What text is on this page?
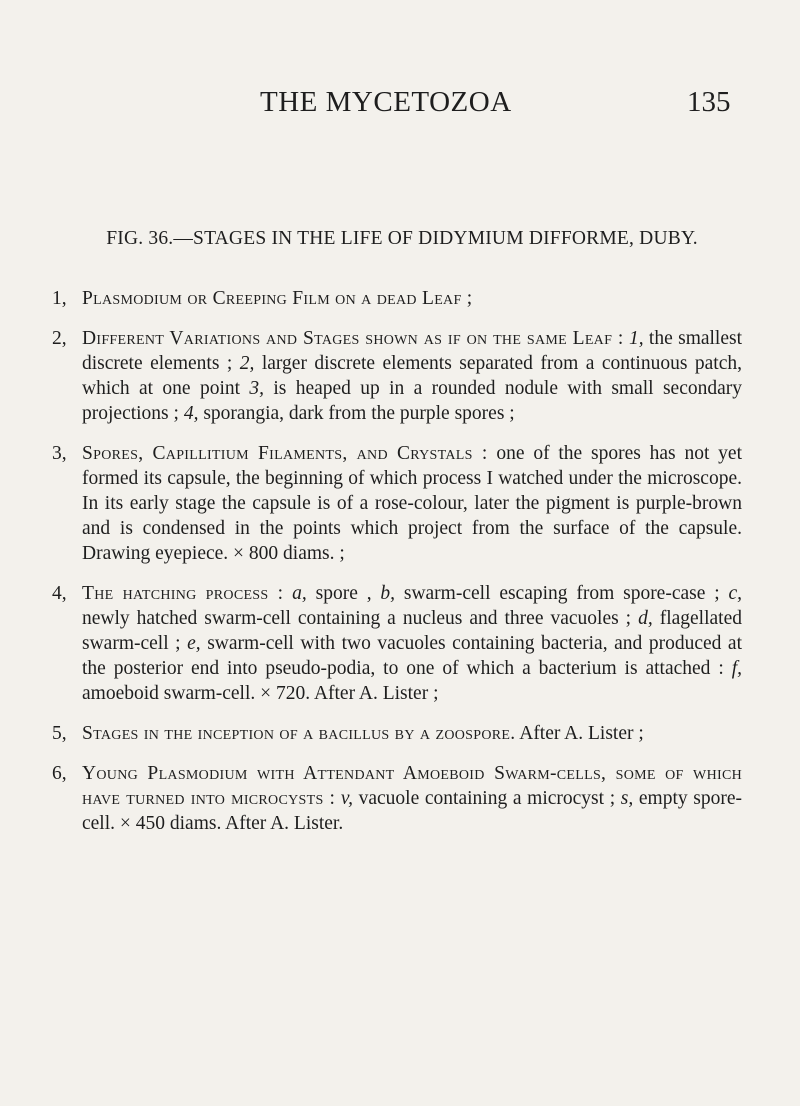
THE MYCETOZOA	135
FIG. 36.—STAGES IN THE LIFE OF DIDYMIUM DIFFORME, DUBY.
1, Plasmodium or Creeping Film on a dead Leaf ;
2, Different Variations and Stages shown as if on the same Leaf : 1, the smallest discrete elements ; 2, larger discrete elements separated from a continuous patch, which at one point 3, is heaped up in a rounded nodule with small secondary projections ; 4, sporangia, dark from the purple spores ;
3, Spores, Capillitium Filaments, and Crystals : one of the spores has not yet formed its capsule, the beginning of which process I watched under the microscope. In its early stage the capsule is of a rose-colour, later the pigment is purple-brown and is condensed in the points which project from the surface of the capsule. Drawing eyepiece. × 800 diams. ;
4, The hatching process : a, spore , b, swarm-cell escaping from spore-case ; c, newly hatched swarm-cell containing a nucleus and three vacuoles ; d, flagellated swarm-cell ; e, swarm-cell with two vacuoles containing bacteria, and produced at the posterior end into pseudo-podia, to one of which a bacterium is attached : f, amoeboid swarm-cell. × 720. After A. Lister ;
5, Stages in the inception of a bacillus by a zoospore. After A. Lister ;
6, Young Plasmodium with Attendant Amoeboid Swarm-cells, some of which have turned into microcysts : v, vacuole containing a microcyst ; s, empty spore-cell. × 450 diams. After A. Lister.
